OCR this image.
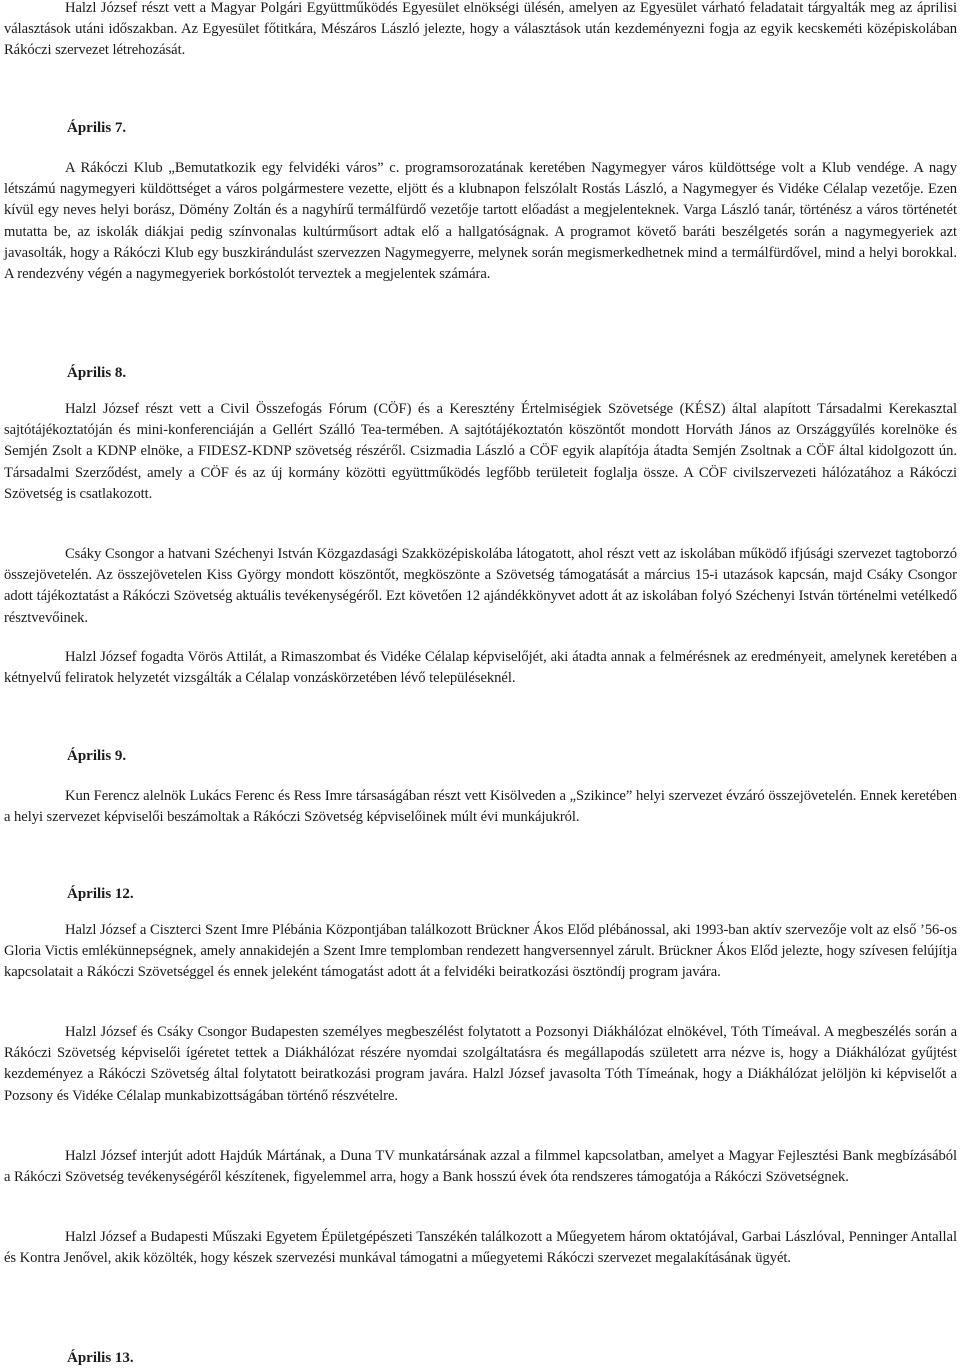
Halzl József részt vett a Magyar Polgári Együttműködés Egyesület elnökségi ülésén, amelyen az Egyesület várható feladatait tárgyalták meg az áprilisi választások utáni időszakban. Az Egyesület főtitkára, Mészáros László jelezte, hogy a választások után kezdeményezni fogja az egyik kecskeméti középiskolában Rákóczi szervezet létrehozását.

Április 7.

A Rákóczi Klub „Bemutatkozik egy felvidéki város” c. programsorozatának keretében Nagymegyer város küldöttsége volt a Klub vendége. A nagy létszámú nagymegyeri küldöttséget a város polgármestere vezette, eljött és a klubnapon felszólalt Rostás László, a Nagymegyer és Vidéke Célalap vezetője. Ezen kívül egy neves helyi borász, Dömény Zoltán és a nagyhírű termálfürdő vezetője tartott előadást a megjelenteknek. Varga László tanár, történész a város történetét mutatta be, az iskolák diákjai pedig színvonalas kultúrműsort adtak elő a hallgatóságnak. A programot követő baráti beszélgetés során a nagymegyeriek azt javasolták, hogy a Rákóczi Klub egy buszkirándulást szervezzen Nagymegyerre, melynek során megismerkedhetnek mind a termálfürdővel, mind a helyi borokkal. A rendezvény végén a nagymegyeriek borkóstolót terveztek a megjelentek számára.

Április 8.

Halzl József részt vett a Civil Összefogás Fórum (CÖF) és a Keresztény Értelmiségiek Szövetsége (KÉSZ) által alapított Társadalmi Kerekasztal sajtótájékoztatóján és mini-konferenciáján a Gellért Szálló Tea-termében. A sajtótájékoztatón köszöntőt mondott Horváth János az Országgyűlés korelnöke és Semjén Zsolt a KDNP elnöke, a FIDESZ-KDNP szövetség részéről. Csizmadia László a CÖF egyik alapítója átadta Semjén Zsoltnak a CÖF által kidolgozott ún. Társadalmi Szerződést, amely a CÖF és az új kormány közötti együttműködés legfőbb területeit foglalja össze. A CÖF civilszervezeti hálózatához a Rákóczi Szövetség is csatlakozott.

Csáky Csongor a hatvani Széchenyi István Közgazdasági Szakközépiskolába látogatott, ahol részt vett az iskolában működő ifjúsági szervezet tagtoborzó összejövetelén. Az összejövetelen Kiss György mondott köszöntőt, megköszönte a Szövetség támogatását a március 15-i utazások kapcsán, majd Csáky Csongor adott tájékoztatást a Rákóczi Szövetség aktuális tevékenységéről. Ezt követően 12 ajándékkönyvet adott át az iskolában folyó Széchenyi István történelmi vetélkedő résztvevőinek.

Halzl József fogadta Vörös Attilát, a Rimaszombat és Vidéke Célalap képviselőjét, aki átadta annak a felmérésnek az eredményeit, amelynek keretében a kétnyelvű feliratok helyzetét vizsgálták a Célalap vonzáskörzetében lévő településeknél.

Április 9.

Kun Ferencz alelnök Lukács Ferenc és Ress Imre társaságában részt vett Kisölveden a „Szikince” helyi szervezet évzáró összejövetelén. Ennek keretében a helyi szervezet képviselői beszámoltak a Rákóczi Szövetség képviselőinek múlt évi munkájukról.

Április 12.

Halzl József a Ciszterci Szent Imre Plébánia Központjában találkozott Brückner Ákos Előd plébánossal, aki 1993-ban aktív szervezője volt az első ’56-os Gloria Victis emlékünnepségnek, amely annakidején a Szent Imre templomban rendezett hangversennyel zárult. Brückner Ákos Előd jelezte, hogy szívesen felújítja kapcsolatait a Rákóczi Szövetséggel és ennek jeleként támogatást adott át a felvidéki beiratkozási ösztöndíj program javára.

Halzl József és Csáky Csongor Budapesten személyes megbeszélést folytatott a Pozsonyi Diákhálózat elnökével, Tóth Tímeával. A megbeszélés során a Rákóczi Szövetség képviselői ígéretet tettek a Diákhálózat részére nyomdai szolgáltatásra és megállapodás született arra nézve is, hogy a Diákhálózat gyűjtést kezdeményez a Rákóczi Szövetség által folytatott beiratkozási program javára. Halzl József javasolta Tóth Tímeának, hogy a Diákhálózat jelöljön ki képviselőt a Pozsony és Vidéke Célalap munkabizottságában történő részvételre.

Halzl József interjút adott Hajdúk Mártának, a Duna TV munkatársának azzal a filmmel kapcsolatban, amelyet a Magyar Fejlesztési Bank megbízásából a Rákóczi Szövetség tevékenységéről készítenek, figyelemmel arra, hogy a Bank hosszú évek óta rendszeres támogatója a Rákóczi Szövetségnek.

Halzl József a Budapesti Műszaki Egyetem Épületgépészeti Tanszékén találkozott a Műegyetem három oktatójával, Garbai Lászlóval, Penninger Antallal és Kontra Jenővel, akik közölték, hogy készek szervezési munkával támogatni a műegyetemi Rákóczi szervezet megalakításának ügyét.

Április 13.
